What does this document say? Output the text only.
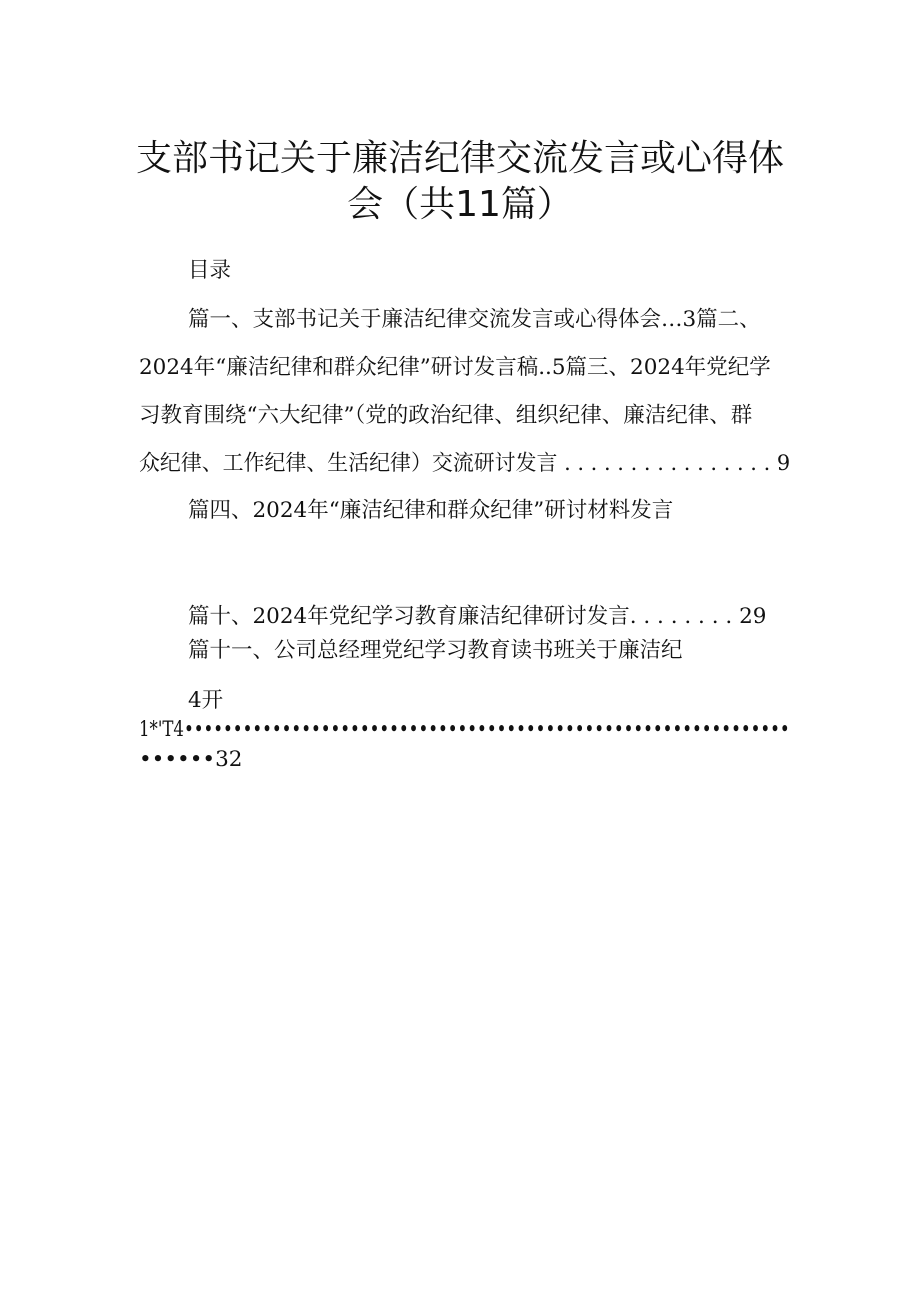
支部书记关于廉洁纪律交流发言或心得体
会（共11篇）
目录
篇一、支部书记关于廉洁纪律交流发言或心得体会…3篇二、
2024年“廉洁纪律和群众纪律”研讨发言稿..5篇三、2024年党纪学
习教育围绕“六大纪律”（党的政治纪律、组织纪律、廉洁纪律、群
众纪律、工作纪律、生活纪律）交流研讨发言 . . . . . . . . . . . . . . . . 9
篇四、2024年“廉洁纪律和群众纪律”研讨材料发言
篇十、2024年党纪学习教育廉洁纪律研讨发言. . . . . . . . 29
篇十一、公司总经理党纪学习教育读书班关于廉洁纪
4开
1*'T4••••••••••••••••••••••••••••••••••••••••••••••••••••••••••••••
••••••32
